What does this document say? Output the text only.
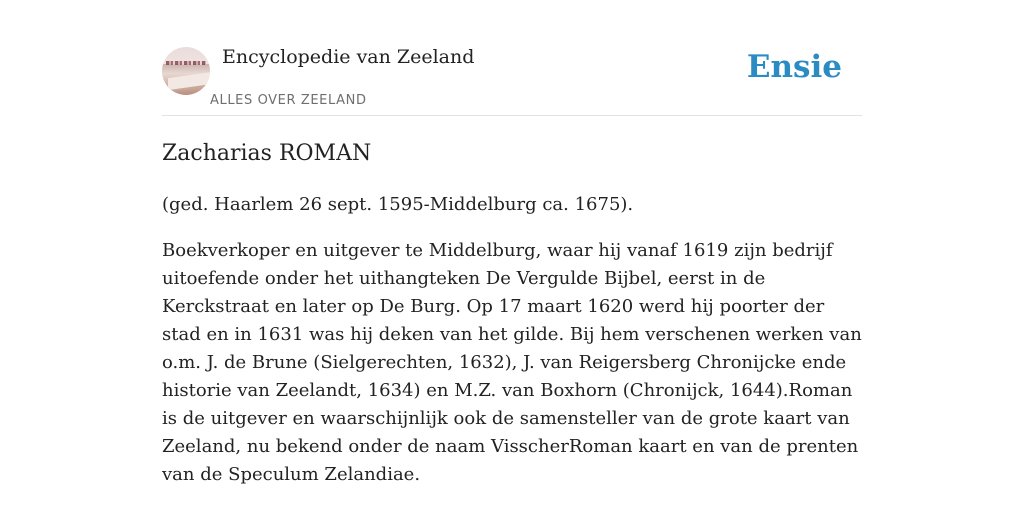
Encyclopedie van Zeeland
ALLES OVER ZEELAND
Ensie
Zacharias ROMAN

(ged. Haarlem 26 sept. 1595-Middelburg ca. 1675).

Boekverkoper en uitgever te Middelburg, waar hij vanaf 1619 zijn bedrijf uitoefende onder het uithangteken De Vergulde Bijbel, eerst in de Kerckstraat en later op De Burg. Op 17 maart 1620 werd hij poorter der stad en in 1631 was hij deken van het gilde. Bij hem verschenen werken van o.m. J. de Brune (Sielgerechten, 1632), J. van Reigersberg Chronijcke ende historie van Zeelandt, 1634) en M.Z. van Boxhorn (Chronijck, 1644).Roman is de uitgever en waarschijnlijk ook de samensteller van de grote kaart van Zeeland, nu bekend onder de naam VisscherRoman kaart en van de prenten van de Speculum Zelandiae.
